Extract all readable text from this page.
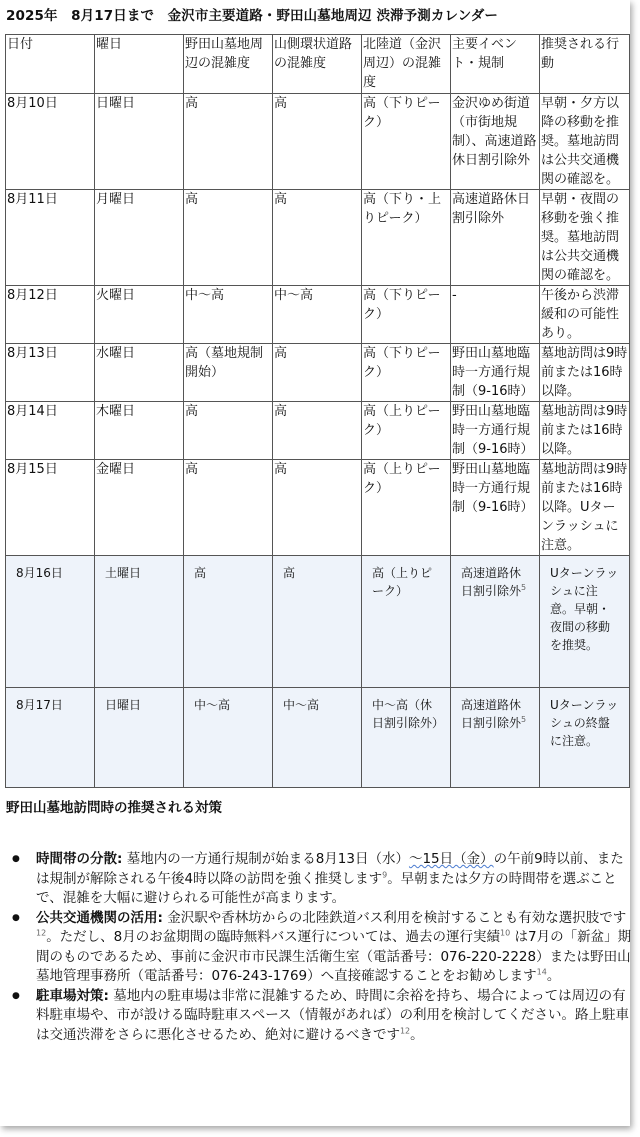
2025年　8月17日まで　金沢市主要道路・野田山墓地周辺 渋滞予測カレンダー
日付	曜日	野田山墓地周辺の混雑度	山側環状道路の混雑度	北陸道（金沢周辺）の混雑度	主要イベント・規制	推奨される行動
8月10日	日曜日	高	高	高（下りピーク）	金沢ゆめ街道（市街地規制）、高速道路休日割引除外	早朝・夕方以降の移動を推奨。墓地訪問は公共交通機関の確認を。
8月11日	月曜日	高	高	高（下り・上りピーク）	高速道路休日割引除外	早朝・夜間の移動を強く推奨。墓地訪問は公共交通機関の確認を。
8月12日	火曜日	中～高	中～高	高（下りピーク）	-	午後から渋滞緩和の可能性あり。
8月13日	水曜日	高（墓地規制開始）	高	高（下りピーク）	野田山墓地臨時一方通行規制（9-16時）	墓地訪問は9時前または16時以降。
8月14日	木曜日	高	高	高（上りピーク）	野田山墓地臨時一方通行規制（9-16時）	墓地訪問は9時前または16時以降。
8月15日	金曜日	高	高	高（上りピーク）	野田山墓地臨時一方通行規制（9-16時）	墓地訪問は9時前または16時以降。Uターンラッシュに注意。
8月16日	土曜日	高	高	高（上りピーク）	高速道路休日割引除外$^5$	Uターンラッシュに注意。早朝・夜間の移動を推奨。
8月17日	日曜日	中～高	中～高	中～高（休日割引除外）	高速道路休日割引除外$^5$	Uターンラッシュの終盤に注意。
野田山墓地訪問時の推奨される対策
● 時間帯の分散: 墓地内の一方通行規制が始まる8月13日（水）～15日（金）の午前9時以前、または規制が解除される午後4時以降の訪問を強く推奨します$^9$。早朝または夕方の時間帯を選ぶことで、混雑を大幅に避けられる可能性が高まります。
● 公共交通機関の活用: 金沢駅や香林坊からの北陸鉄道バス利用を検討することも有効な選択肢です$^{12}$。ただし、8月のお盆期間の臨時無料バス運行については、過去の運行実績$^{10}$ は7月の「新盆」期間のものであるため、事前に金沢市市民課生活衛生室（電話番号：076-220-2228）または野田山墓地管理事務所（電話番号：076-243-1769）へ直接確認することをお勧めします$^{14}$。
● 駐車場対策: 墓地内の駐車場は非常に混雑するため、時間に余裕を持ち、場合によっては周辺の有料駐車場や、市が設ける臨時駐車スペース（情報があれば）の利用を検討してください。路上駐車は交通渋滞をさらに悪化させるため、絶対に避けるべきです$^{12}$。
